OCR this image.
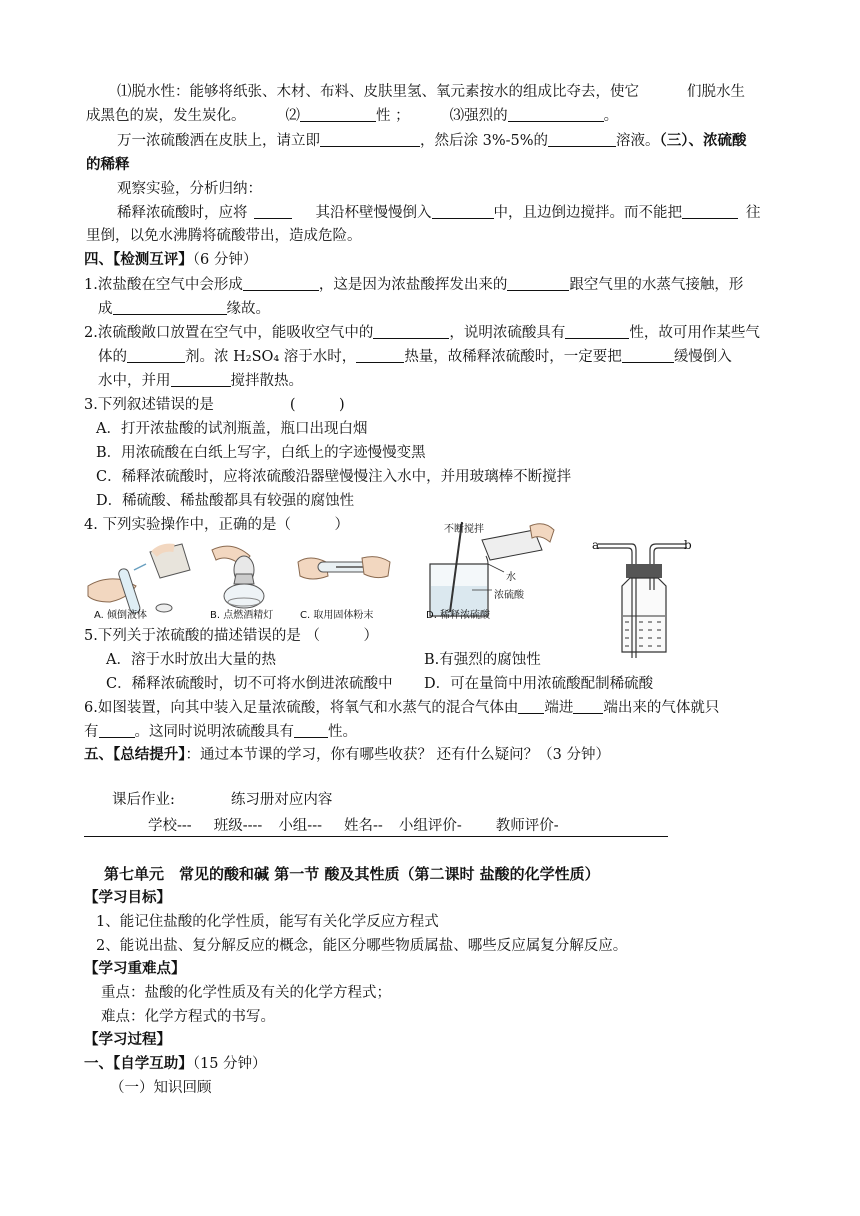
⑴脱水性：能够将纸张、木材、布料、皮肤里氢、氧元素按水的组成比夺去，使它	们脱水生
成黑色的炭，发生炭化。	⑵	性 ；	⑶强烈的	。
万一浓硫酸洒在皮肤上，请立即	，然后涂 3%-5%的	溶液。（三）、浓硫酸
的稀释
观察实验，分析归纳：
稀释浓硫酸时，应将	其沿杯壁慢慢倒入	中，且边倒边搅拌。而不能把	往
里倒，以免水沸腾将硫酸带出，造成危险。
四、【检测互评】（6 分钟）
1.浓盐酸在空气中会形成	，这是因为浓盐酸挥发出来的	跟空气里的水蒸气接触，形
成	缘故。
2.浓硫酸敞口放置在空气中，能吸收空气中的	，说明浓硫酸具有	性，故可用作某些气
体的	剂。浓 H₂SO₄ 溶于水时，	热量，故稀释浓硫酸时，一定要把	缓慢倒入
水中，并用	搅拌散热。
3.下列叙述错误的是	(　　　)
A．打开浓盐酸的试剂瓶盖，瓶口出现白烟
B．用浓硫酸在白纸上写字，白纸上的字迹慢慢变黑
C．稀释浓硫酸时，应将浓硫酸沿器壁慢慢注入水中，并用玻璃棒不断搅拌
D．稀硫酸、稀盐酸都具有较强的腐蚀性
4. 下列实验操作中，正确的是（　　　）
A. 倾倒液体	B. 点燃酒精灯	C. 取用固体粉末
不断搅拌
水
浓硫酸
D. 稀释浓硫酸
a	b
5.下列关于浓硫酸的描述错误的是 （　　　）
A．溶于水时放出大量的热	B.有强烈的腐蚀性
C．稀释浓硫酸时，切不可将水倒进浓硫酸中 D．可在量筒中用浓硫酸配制稀硫酸
6.如图装置，向其中装入足量浓硫酸，将氧气和水蒸气的混合气体由 端进 端出来的气体就只
有 。这同时说明浓硫酸具有 性。
五、【总结提升】：通过本节课的学习，你有哪些收获？ 还有什么疑问？（3 分钟）
课后作业:	练习册对应内容
学校--- 班级---- 小组--- 姓名-- 小组评价- 教师评价-
第七单元　常见的酸和碱 第一节 酸及其性质（第二课时 盐酸的化学性质）
【学习目标】
1、能记住盐酸的化学性质，能写有关化学反应方程式
2、能说出盐、复分解反应的概念，能区分哪些物质属盐、哪些反应属复分解反应。
【学习重难点】
重点：盐酸的化学性质及有关的化学方程式；
难点：化学方程式的书写。
【学习过程】
一、【自学互助】（15 分钟）
（一）知识回顾
